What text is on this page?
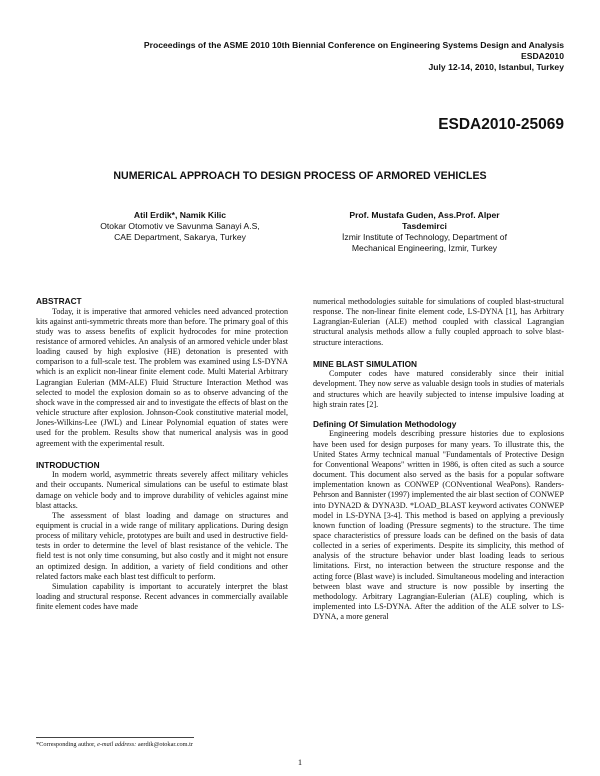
Proceedings of the ASME 2010 10th Biennial Conference on Engineering Systems Design and Analysis
ESDA2010
July 12-14, 2010, Istanbul, Turkey
ESDA2010-25069
NUMERICAL APPROACH TO DESIGN PROCESS OF ARMORED VEHICLES
Atil Erdik*, Namik Kilic
Otokar Otomotiv ve Savunma Sanayi A.S,
CAE Department, Sakarya, Turkey
Prof. Mustafa Guden, Ass.Prof. Alper
Tasdemirci
İzmir Institute of Technology, Department of
Mechanical Engineering, İzmir, Turkey
ABSTRACT

Today, it is imperative that armored vehicles need advanced protection kits against anti-symmetric threats more than before. The primary goal of this study was to assess benefits of explicit hydrocodes for mine protection resistance of armored vehicles. An analysis of an armored vehicle under blast loading caused by high explosive (HE) detonation is presented with comparison to a full-scale test. The problem was examined using LS-DYNA which is an explicit non-linear finite element code. Multi Material Arbitrary Lagrangian Eulerian (MM-ALE) Fluid Structure Interaction Method was selected to model the explosion domain so as to observe advancing of the shock wave in the compressed air and to investigate the effects of blast on the vehicle structure after explosion. Johnson-Cook constitutive material model, Jones-Wilkins-Lee (JWL) and Linear Polynomial equation of states were used for the problem. Results show that numerical analysis was in good agreement with the experimental result.

INTRODUCTION

In modern world, asymmetric threats severely affect military vehicles and their occupants. Numerical simulations can be useful to estimate blast damage on vehicle body and to improve durability of vehicles against mine blast attacks.

The assessment of blast loading and damage on structures and equipment is crucial in a wide range of military applications. During design process of military vehicle, prototypes are built and used in destructive field-tests in order to determine the level of blast resistance of the vehicle. The field test is not only time consuming, but also costly and it might not ensure an optimized design. In addition, a variety of field conditions and other related factors make each blast test difficult to perform.

Simulation capability is important to accurately interpret the blast loading and structural response. Recent advances in commercially available finite element codes have made

numerical methodologies suitable for simulations of coupled blast-structural response. The non-linear finite element code, LS-DYNA [1], has Arbitrary Lagrangian-Eulerian (ALE) method coupled with classical Lagrangian structural analysis methods allow a fully coupled approach to solve blast-structure interactions.

MINE BLAST SIMULATION

Computer codes have matured considerably since their initial development. They now serve as valuable design tools in studies of materials and structures which are heavily subjected to intense impulsive loading at high strain rates [2].

Defining Of Simulation Methodology

Engineering models describing pressure histories due to explosions have been used for design purposes for many years. To illustrate this, the United States Army technical manual "Fundamentals of Protective Design for Conventional Weapons" written in 1986, is often cited as such a source document. This document also served as the basis for a popular software implementation known as CONWEP (CONventional WeaPons). Randers-Pehrson and Bannister (1997) implemented the air blast section of CONWEP into DYNA2D & DYNA3D. *LOAD_BLAST keyword activates CONWEP model in LS-DYNA [3-4]. This method is based on applying a previously known function of loading (Pressure segments) to the structure. The time space characteristics of pressure loads can be defined on the basis of data collected in a series of experiments. Despite its simplicity, this method of analysis of the structure behavior under blast loading leads to serious limitations. First, no interaction between the structure response and the acting force (Blast wave) is included. Simultaneous modeling and interaction between blast wave and structure is now possible by inserting the methodology. Arbitrary Lagrangian-Eulerian (ALE) coupling, which is implemented into LS-DYNA. After the addition of the ALE solver to LS-DYNA, a more general

*Corresponding author, e-mail address: aerdik@otokar.com.tr
1
